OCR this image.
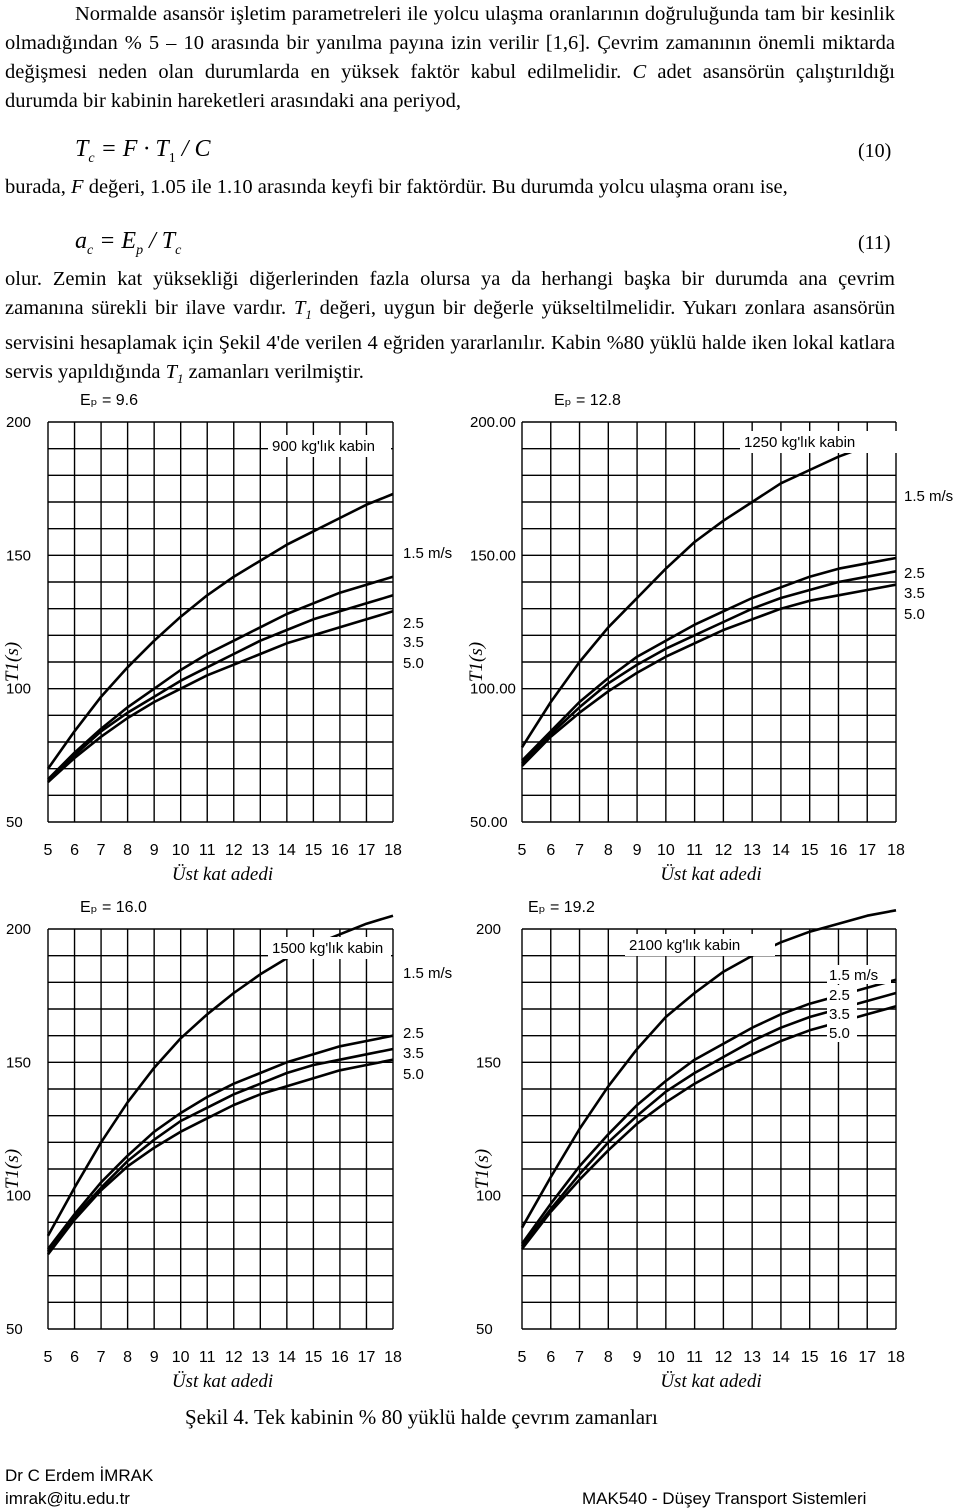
Normalde asansör işletim parametreleri ile yolcu ulaşma oranlarının doğruluğunda tam bir kesinlik olmadığından % 5 – 10 arasında bir yanılma payına izin verilir [1,6]. Çevrim zamanının önemli miktarda değişmesi neden olan durumlarda en yüksek faktör kabul edilmelidir. C adet asansörün çalıştırıldığı durumda bir kabinin hareketleri arasındaki ana periyod,
$T_c = F \cdot T_1 / C$	(10)
burada, F değeri, 1.05 ile 1.10 arasında keyfi bir faktördür. Bu durumda yolcu ulaşma oranı ise,
$a_c = E_p / T_c$	(11)
olur. Zemin kat yüksekliği diğerlerinden fazla olursa ya da herhangi başka bir durumda ana çevrim zamanına sürekli bir ilave vardır. $T_1$ değeri, uygun bir değerle yükseltilmelidir. Yukarı zonlara asansörün servisini hesaplamak için Şekil 4'de verilen 4 eğriden yararlanılır. Kabin %80 yüklü halde iken lokal katlara servis yapıldığında $T_1$ zamanları verilmiştir.
50
100
150
200
5 6 7 8 9 10 11 12 13 14 15 16 17 18
Üst kat adedi
T1(s)
Eₚ = 9.6
900 kg'lık kabin
1.5 m/s
2.5
3.5
5.0
50.00
100.00
150.00
200.00
5 6 7 8 9 10 11 12 13 14 15 16 17 18
Üst kat adedi
T1(s)
Eₚ = 12.8
1250 kg'lık kabin
1.5 m/s
2.5
3.5
5.0
50
100
150
200
5 6 7 8 9 10 11 12 13 14 15 16 17 18
Üst kat adedi
T1(s)
Eₚ = 16.0
1500 kg'lık kabin
1.5 m/s
2.5
3.5
5.0
50
100
150
200
5 6 7 8 9 10 11 12 13 14 15 16 17 18
Üst kat adedi
T1(s)
Eₚ = 19.2
2100 kg'lık kabin
1.5 m/s
2.5
3.5
5.0
Şekil 4. Tek kabinin % 80 yüklü halde çevrım zamanları
Dr C Erdem İMRAK
imrak@itu.edu.tr	MAK540 - Düşey Transport Sistemleri
